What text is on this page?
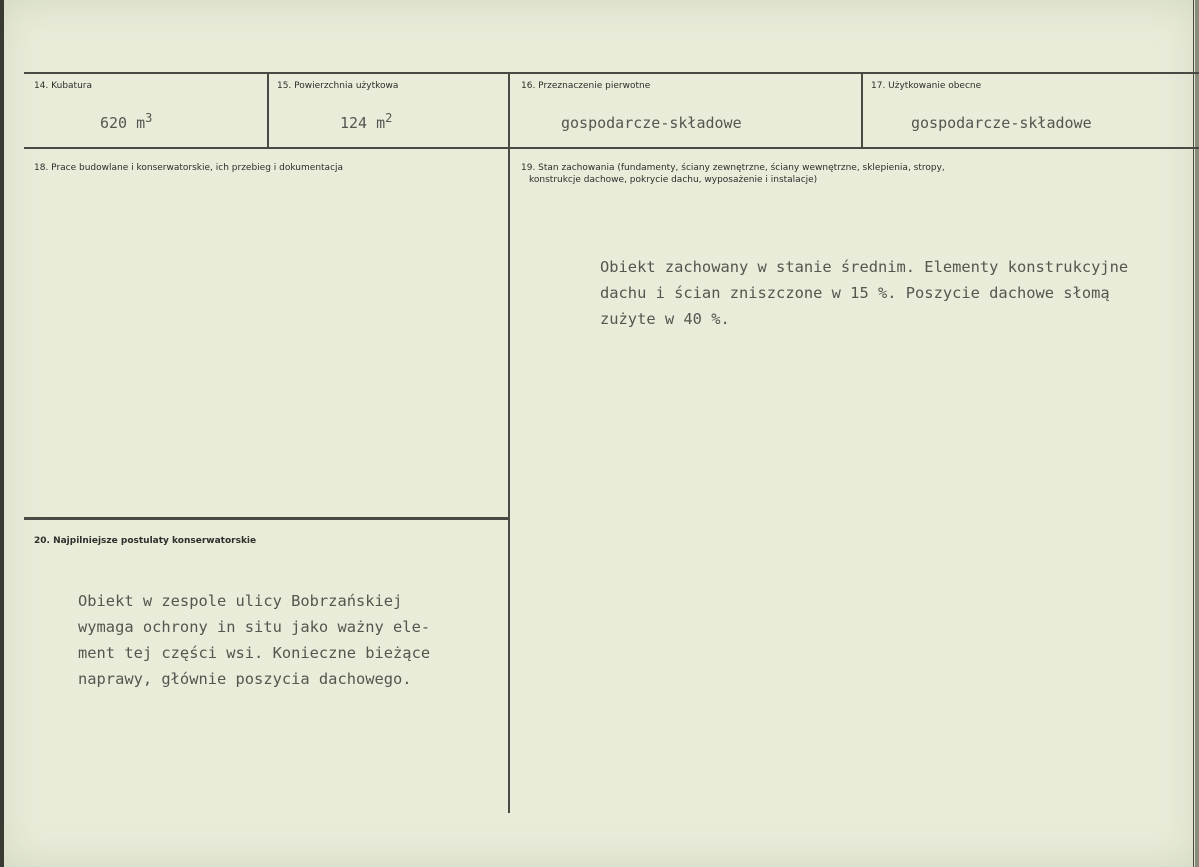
14. Kubatura
620 $m^3$
15. Powierzchnia użytkowa
124 $m^2$
16. Przeznaczenie pierwotne
gospodarcze-składowe
17. Użytkowanie obecne
gospodarcze-składowe
18. Prace budowlane i konserwatorskie, ich przebieg i dokumentacja	19. Stan zachowania (fundamenty, ściany zewnętrzne, ściany wewnętrzne, sklepienia, stropy,
konstrukcje dachowe, pokrycie dachu, wyposażenie i instalacje)
Obiekt zachowany w stanie średnim. Elementy konstrukcyjne
dachu i ścian zniszczone w 15 %. Poszycie dachowe słomą
zużyte w 40 %.
20. Najpilniejsze postulaty konserwatorskie
Obiekt w zespole ulicy Bobrzańskiej
wymaga ochrony in situ jako ważny ele-
ment tej części wsi. Konieczne bieżące
naprawy, głównie poszycia dachowego.
